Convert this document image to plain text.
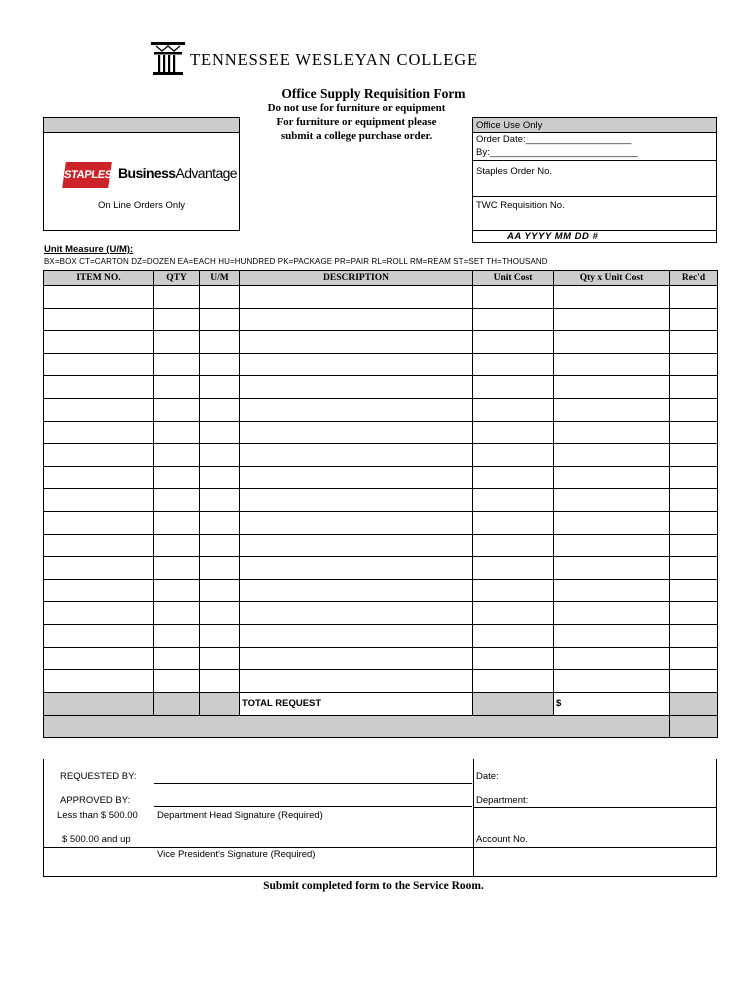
TENNESSEE WESLEYAN COLLEGE
Office Supply Requisition Form
Do not use for furniture or equipment
For furniture or equipment please
submit a college purchase order.
STAPLES BusinessAdvantage
On Line Orders Only
Office Use Only
Order Date:____________________
By:____________________________
Staples Order No.
TWC Requisition No.
AA YYYY MM DD #
Unit Measure (U/M):
BX=BOX CT=CARTON DZ=DOZEN EA=EACH HU=HUNDRED PK=PACKAGE PR=PAIR RL=ROLL RM=REAM ST=SET TH=THOUSAND
ITEM NO.	QTY	U/M	DESCRIPTION	Unit Cost	Qty x Unit Cost	Rec'd

			TOTAL REQUEST		$	

REQUESTED BY:
APPROVED BY:
Less than $ 500.00 Department Head Signature (Required)
$ 500.00 and up
Vice President's Signature (Required)
Date:
Department:
Account No.
Submit completed form to the Service Room.
